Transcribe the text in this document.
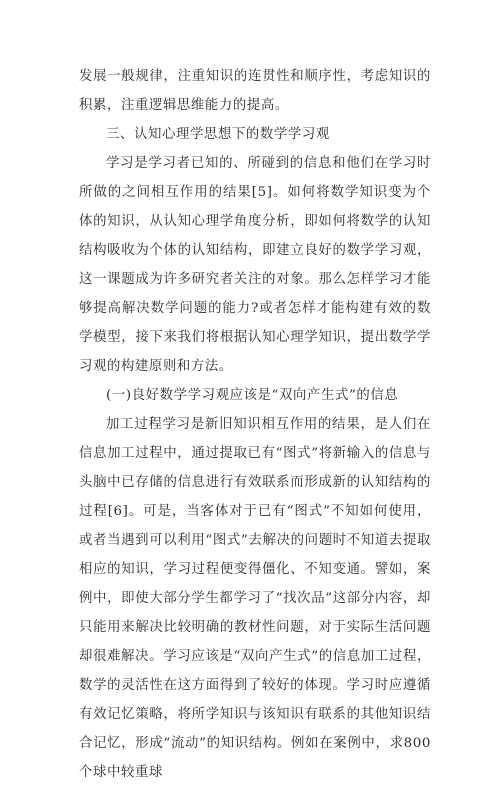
发展一般规律，注重知识的连贯性和顺序性，考虑知识的积累，注重逻辑思维能力的提高。

三、认知心理学思想下的数学学习观

学习是学习者已知的、所碰到的信息和他们在学习时所做的之间相互作用的结果[5]。如何将数学知识变为个体的知识，从认知心理学角度分析，即如何将数学的认知结构吸收为个体的认知结构，即建立良好的数学学习观，这一课题成为许多研究者关注的对象。那么怎样学习才能够提高解决数学问题的能力?或者怎样才能构建有效的数学模型，接下来我们将根据认知心理学知识，提出数学学习观的构建原则和方法。

(一)良好数学学习观应该是“双向产生式”的信息

加工过程学习是新旧知识相互作用的结果，是人们在信息加工过程中，通过提取已有“图式”将新输入的信息与头脑中已存储的信息进行有效联系而形成新的认知结构的过程[6]。可是，当客体对于已有“图式”不知如何使用，或者当遇到可以利用“图式”去解决的问题时不知道去提取相应的知识，学习过程便变得僵化、不知变通。譬如，案例中，即使大部分学生都学习了“找次品”这部分内容，却只能用来解决比较明确的教材性问题，对于实际生活问题却很难解决。学习应该是“双向产生式”的信息加工过程，数学的灵活性在这方面得到了较好的体现。学习时应遵循有效记忆策略，将所学知识与该知识有联系的其他知识结合记忆，形成“流动”的知识结构。例如在案例中，求800个球中较重球
